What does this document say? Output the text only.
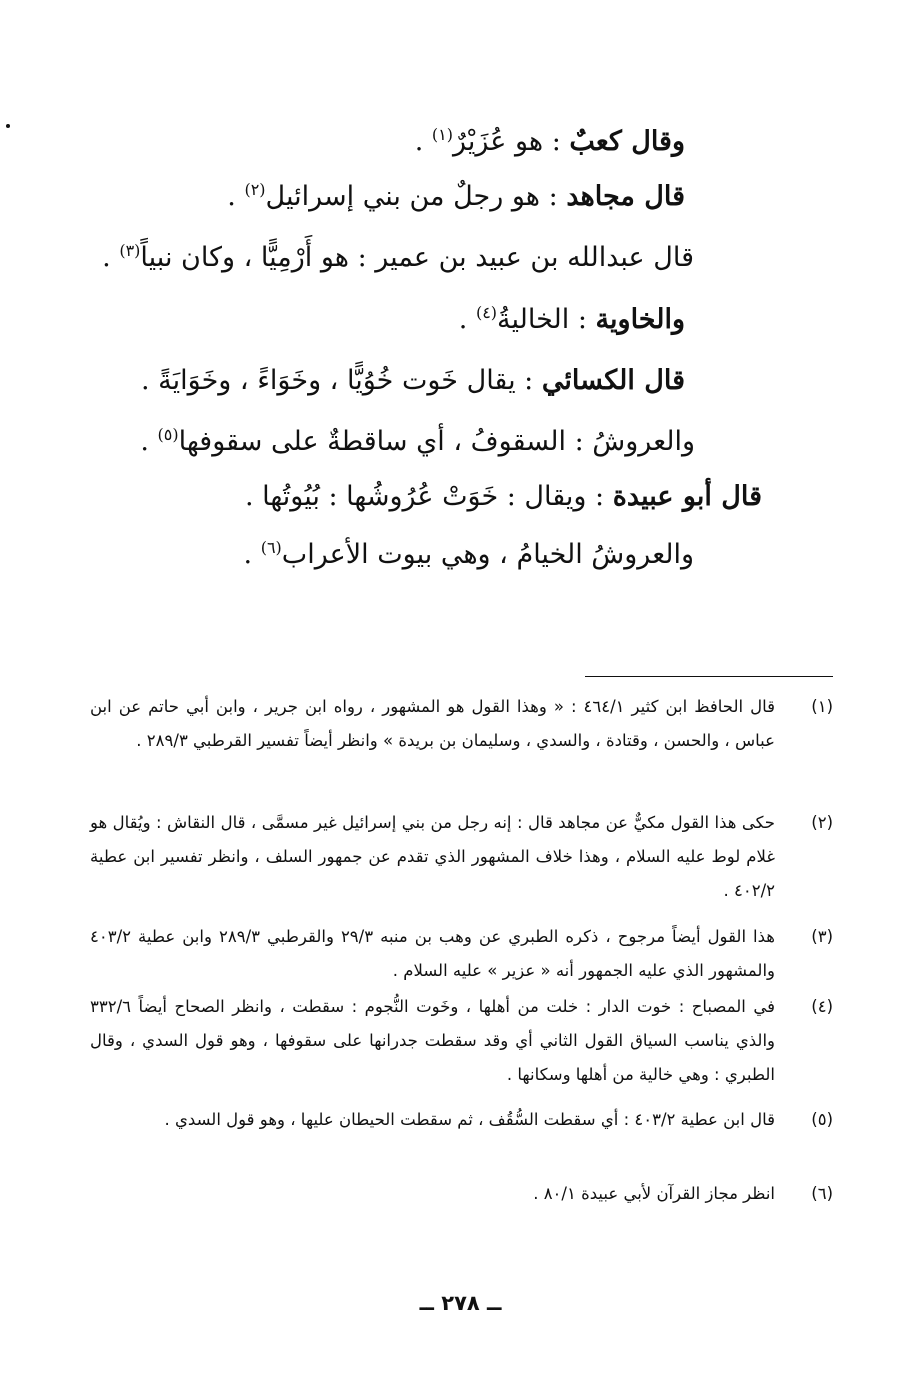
وقال كعبٌ : هو عُزَيْرٌ$^{(١)}$ .
قال مجاهد : هو رجلٌ من بني إسرائيل$^{(٢)}$ .
قال عبدالله بن عبيد بن عمير : هو أَرْمِيًّا ، وكان نبياً$^{(٣)}$ .
والخاوية : الخاليةُ$^{(٤)}$ .
قال الكسائي : يقال خَوت خُوُيًّا ، وخَوَاءً ، وخَوَايَةً .
والعروشُ : السقوفُ ، أي ساقطةٌ على سقوفها$^{(٥)}$ .
قال أبو عبيدة : ويقال : خَوَتْ عُرُوشُها : بُيُوتُها .
والعروشُ الخيامُ ، وهي بيوت الأعراب$^{(٦)}$ .
(١)
قال الحافظ ابن كثير ٤٦٤/١ : « وهذا القول هو المشهور ، رواه ابن جرير ، وابن أبي حاتم عن ابن عباس ، والحسن ، وقتادة ، والسدي ، وسليمان بن بريدة » وانظر أيضاً تفسير القرطبي ٢٨٩/٣ .
(٢)
حكى هذا القول مكيٌّ عن مجاهد قال : إنه رجل من بني إسرائيل غير مسمَّى ، قال النقاش : ويُقال هو غلام لوط عليه السلام ، وهذا خلاف المشهور الذي تقدم عن جمهور السلف ، وانظر تفسير ابن عطية ٤٠٢/٢ .
(٣)
هذا القول أيضاً مرجوح ، ذكره الطبري عن وهب بن منبه ٢٩/٣ والقرطبي ٢٨٩/٣ وابن عطية ٤٠٣/٢ والمشهور الذي عليه الجمهور أنه « عزير » عليه السلام .
(٤)
في المصباح : خوت الدار : خلت من أهلها ، وخَوت النُّجوم : سقطت ، وانظر الصحاح أيضاً ٣٣٢/٦ والذي يناسب السياق القول الثاني أي وقد سقطت جدرانها على سقوفها ، وهو قول السدي ، وقال الطبري : وهي خالية من أهلها وسكانها .
(٥)
قال ابن عطية ٤٠٣/٢ : أي سقطت السُّقُف ، ثم سقطت الحيطان عليها ، وهو قول السدي .
(٦)
انظر مجاز القرآن لأبي عبيدة ٨٠/١ .
ــ ٢٧٨ ــ
